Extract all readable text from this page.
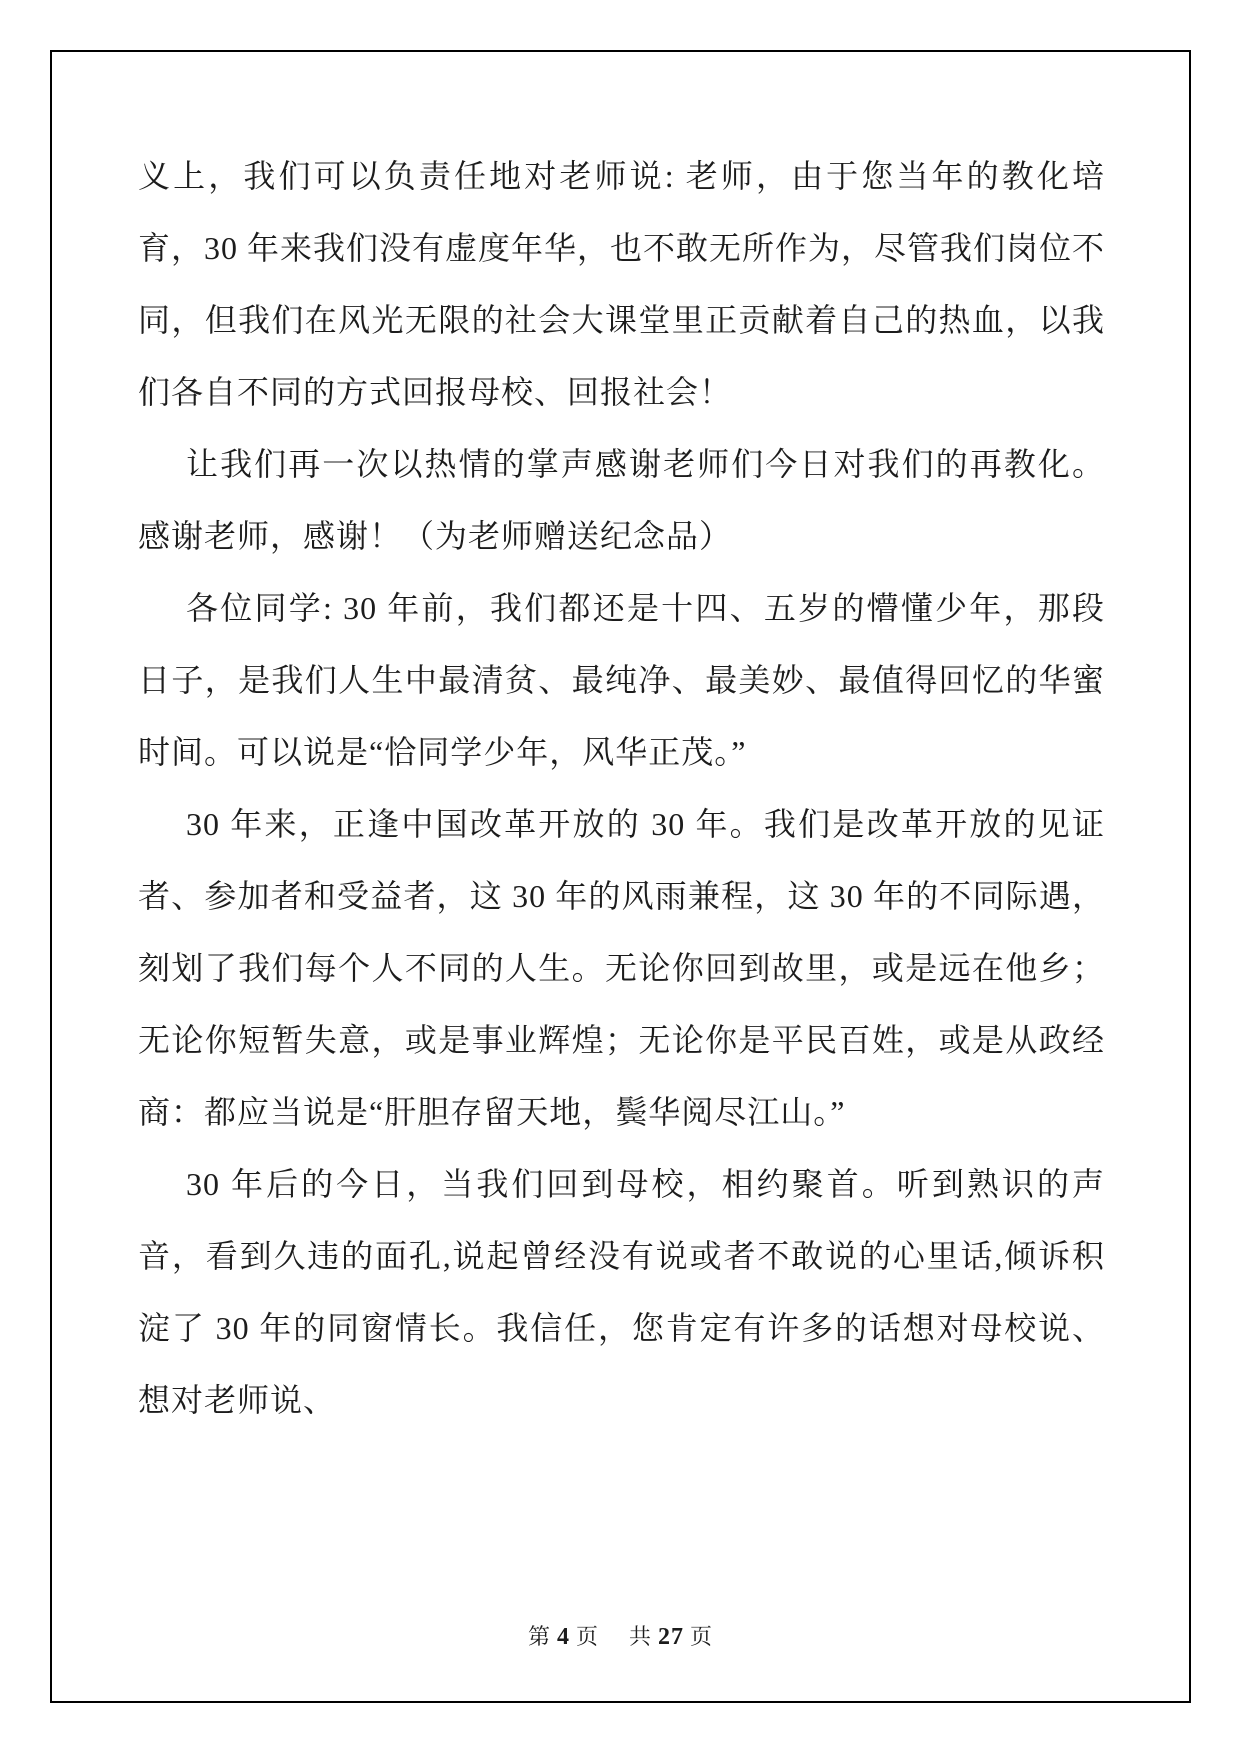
义上，我们可以负责任地对老师说: 老师，由于您当年的教化培育，30 年来我们没有虚度年华，也不敢无所作为，尽管我们岗位不同，但我们在风光无限的社会大课堂里正贡献着自己的热血，以我们各自不同的方式回报母校、回报社会！

让我们再一次以热情的掌声感谢老师们今日对我们的再教化。感谢老师，感谢！（为老师赠送纪念品）

各位同学: 30 年前，我们都还是十四、五岁的懵懂少年，那段日子，是我们人生中最清贫、最纯净、最美妙、最值得回忆的华蜜时间。可以说是“恰同学少年，风华正茂。”

30 年来，正逢中国改革开放的 30 年。我们是改革开放的见证者、参加者和受益者，这 30 年的风雨兼程，这 30 年的不同际遇，刻划了我们每个人不同的人生。无论你回到故里，或是远在他乡；无论你短暂失意，或是事业辉煌；无论你是平民百姓，或是从政经商：都应当说是“肝胆存留天地，鬓华阅尽江山。”

30 年后的今日，当我们回到母校，相约聚首。听到熟识的声音，看到久违的面孔,说起曾经没有说或者不敢说的心里话,倾诉积淀了 30 年的同窗情长。我信任，您肯定有许多的话想对母校说、想对老师说、

第 4 页 共 27 页
